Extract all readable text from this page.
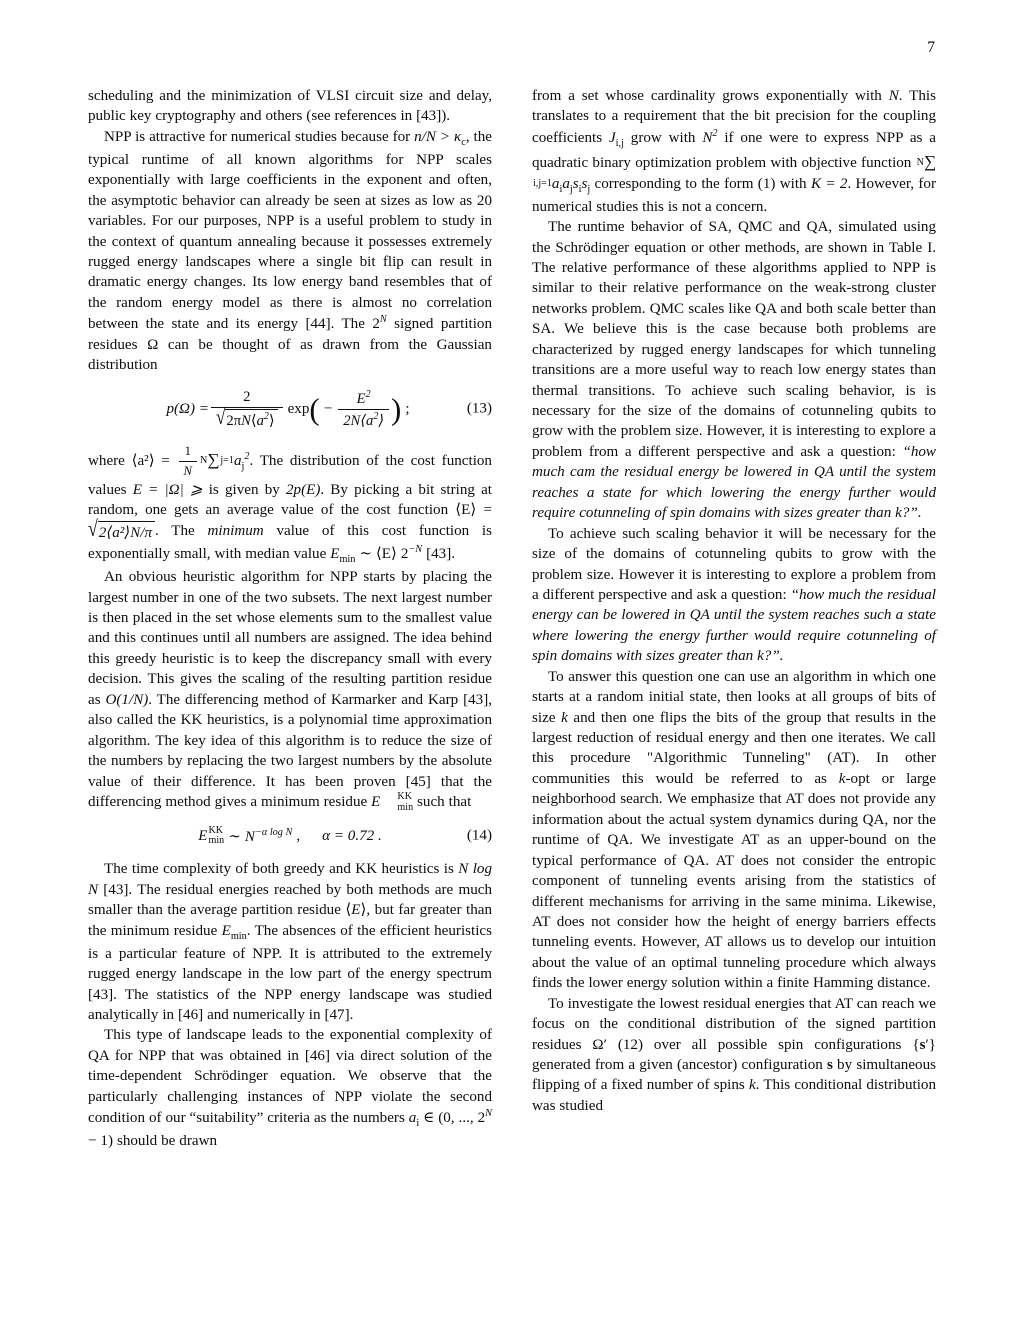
7

scheduling and the minimization of VLSI circuit size and delay, public key cryptography and others (see references in [43]).

NPP is attractive for numerical studies because for $n/N > \kappa_c$, the typical runtime of all known algorithms for NPP scales exponentially with large coefficients in the exponent and often, the asymptotic behavior can already be seen at sizes as low as 20 variables. For our purposes, NPP is a useful problem to study in the context of quantum annealing because it possesses extremely rugged energy landscapes where a single bit flip can result in dramatic energy changes. Its low energy band resembles that of the random energy model as there is almost no correlation between the state and its energy [44]. The $2^N$ signed partition residues Ω can be thought of as drawn from the Gaussian distribution

$p(\Omega) = \frac{2}{√ 2\pi N⟨a^2⟩}$ exp ( − $\frac{E^2}{2N⟨a^2⟩}$ ) ;	(13)

where ⟨a²⟩ = $\frac{1}{N}$ N ∑ j=1 $a_j^2$. The distribution of the cost function values E = |Ω| ⩾ is given by 2p(E). By picking a bit string at random, one gets an average value of the cost function ⟨E⟩ =
√ 2⟨a²⟩N/π . The minimum value of this cost function is exponentially small, with median value $E_{min}$ ∼ ⟨E⟩ $2^{-N}$ [43].

An obvious heuristic algorithm for NPP starts by placing the largest number in one of the two subsets. The next largest number is then placed in the set whose elements sum to the smallest value and this continues until all numbers are assigned. The idea behind this greedy heuristic is to keep the discrepancy small with every decision. This gives the scaling of the resulting partition residue as O(1/N). The differencing method of Karmarker and Karp [43], also called the KK heuristics, is a polynomial time approximation algorithm. The key idea of this algorithm is to reduce the size of the numbers by replacing the two largest numbers by the absolute value of their difference. It has been proven [45] that the differencing method gives a minimum residue E	KK
min such that

E KK
min ∼ $N^{-\alpha log N}$ , α = 0.72 .	(14)

The time complexity of both greedy and KK heuristics is N log N [43]. The residual energies reached by both methods are much smaller than the average partition residue ⟨E⟩, but far greater than the minimum residue $E_{min}$. The absences of the efficient heuristics is a particular feature of NPP. It is attributed to the extremely rugged energy landscape in the low part of the energy spectrum [43]. The statistics of the NPP energy landscape was studied analytically in [46] and numerically in [47].

This type of landscape leads to the exponential complexity of QA for NPP that was obtained in [46] via direct solution of the time-dependent Schrödinger equation. We observe that the particularly challenging instances of NPP violate the second condition of our “suitability” criteria as the numbers $a_i$ ∈ (0, ..., $2^N - 1$) should be drawn

from a set whose cardinality grows exponentially with N. This translates to a requirement that the bit precision for the coupling coefficients $J_{i,j}$ grow with $N^2$ if one were to express NPP as a quadratic binary optimization problem with objective function N ∑
i,j=1 $a_ia_js_is_j$ corresponding to the form (1) with K = 2. However, for numerical studies this is not a concern.

The runtime behavior of SA, QMC and QA, simulated using the Schrödinger equation or other methods, are shown in Table I. The relative performance of these algorithms applied to NPP is similar to their relative performance on the weak-strong cluster networks problem. QMC scales like QA and both scale better than SA. We believe this is the case because both problems are characterized by rugged energy landscapes for which tunneling transitions are a more useful way to reach low energy states than thermal transitions. To achieve such scaling behavior, is is necessary for the size of the domains of cotunneling qubits to grow with the problem size. However, it is interesting to explore a problem from a different perspective and ask a question: “how much cam the residual energy be lowered in QA until the system reaches a state for which lowering the energy further would require cotunneling of spin domains with sizes greater than k?”.

To achieve such scaling behavior it will be necessary for the size of the domains of cotunneling qubits to grow with the problem size. However it is interesting to explore a problem from a different perspective and ask a question: “how much the residual energy can be lowered in QA until the system reaches such a state where lowering the energy further would require cotunneling of spin domains with sizes greater than k?”.

To answer this question one can use an algorithm in which one starts at a random initial state, then looks at all groups of bits of size k and then one flips the bits of the group that results in the largest reduction of residual energy and then one iterates. We call this procedure "Algorithmic Tunneling" (AT). In other communities this would be referred to as k-opt or large neighborhood search. We emphasize that AT does not provide any information about the actual system dynamics during QA, nor the runtime of QA. We investigate AT as an upper-bound on the typical performance of QA. AT does not consider the entropic component of tunneling events arising from the statistics of different mechanisms for arriving in the same minima. Likewise, AT does not consider how the height of energy barriers effects tunneling events. However, AT allows us to develop our intuition about the value of an optimal tunneling procedure which always finds the lower energy solution within a finite Hamming distance.

To investigate the lowest residual energies that AT can reach we focus on the conditional distribution of the signed partition residues Ω′ (12) over all possible spin configurations {s′} generated from a given (ancestor) configuration s by simultaneous flipping of a fixed number of spins k. This conditional distribution was studied
